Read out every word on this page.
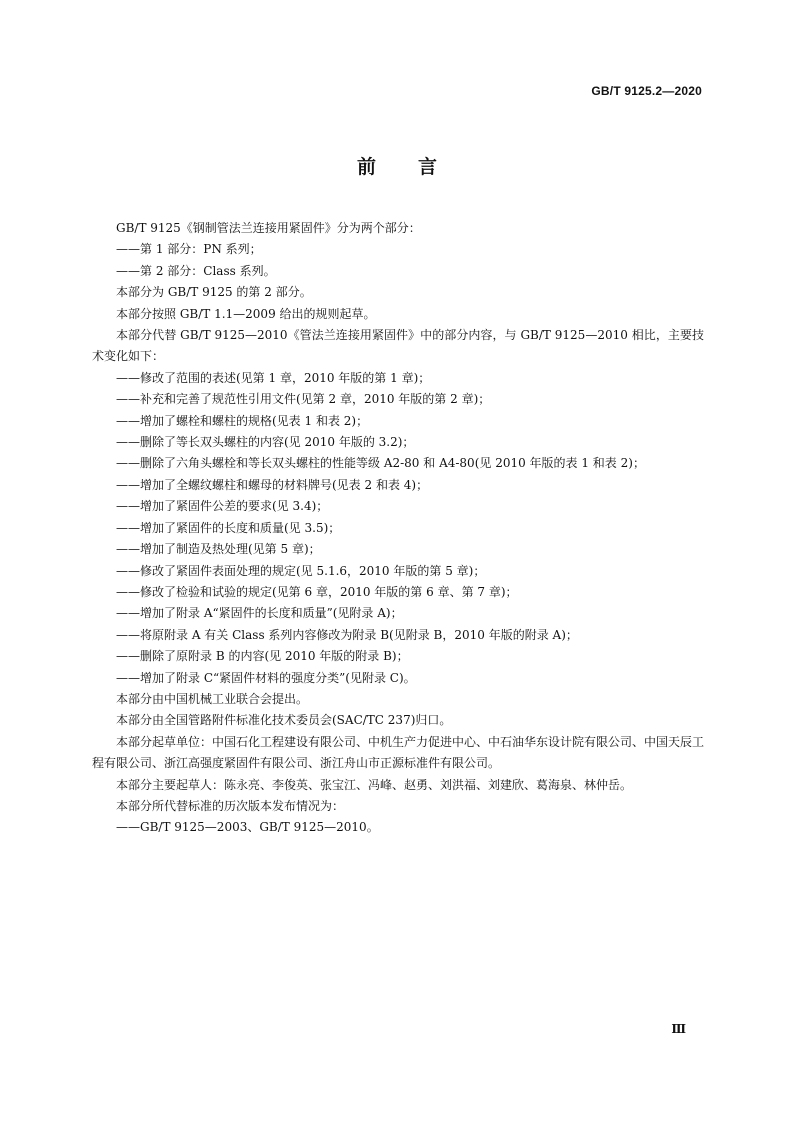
GB/T 9125.2—2020
前言

GB/T 9125《钢制管法兰连接用紧固件》分为两个部分：

——第 1 部分：PN 系列；

——第 2 部分：Class 系列。

本部分为 GB/T 9125 的第 2 部分。

本部分按照 GB/T 1.1—2009 给出的规则起草。

本部分代替 GB/T 9125—2010《管法兰连接用紧固件》中的部分内容，与 GB/T 9125—2010 相比，主要技术变化如下：

——修改了范围的表述(见第 1 章，2010 年版的第 1 章)；

——补充和完善了规范性引用文件(见第 2 章，2010 年版的第 2 章)；

——增加了螺栓和螺柱的规格(见表 1 和表 2)；

——删除了等长双头螺柱的内容(见 2010 年版的 3.2)；

——删除了六角头螺栓和等长双头螺柱的性能等级 A2-80 和 A4-80(见 2010 年版的表 1 和表 2)；

——增加了全螺纹螺柱和螺母的材料牌号(见表 2 和表 4)；

——增加了紧固件公差的要求(见 3.4)；

——增加了紧固件的长度和质量(见 3.5)；

——增加了制造及热处理(见第 5 章)；

——修改了紧固件表面处理的规定(见 5.1.6，2010 年版的第 5 章)；

——修改了检验和试验的规定(见第 6 章，2010 年版的第 6 章、第 7 章)；

——增加了附录 A“紧固件的长度和质量”(见附录 A)；

——将原附录 A 有关 Class 系列内容修改为附录 B(见附录 B，2010 年版的附录 A)；

——删除了原附录 B 的内容(见 2010 年版的附录 B)；

——增加了附录 C“紧固件材料的强度分类”(见附录 C)。

本部分由中国机械工业联合会提出。

本部分由全国管路附件标准化技术委员会(SAC/TC 237)归口。

本部分起草单位：中国石化工程建设有限公司、中机生产力促进中心、中石油华东设计院有限公司、中国天辰工程有限公司、浙江高强度紧固件有限公司、浙江舟山市正源标准件有限公司。

本部分主要起草人：陈永亮、李俊英、张宝江、冯峰、赵勇、刘洪福、刘建欣、葛海泉、林仲岳。

本部分所代替标准的历次版本发布情况为：

——GB/T 9125—2003、GB/T 9125—2010。

Ⅲ
